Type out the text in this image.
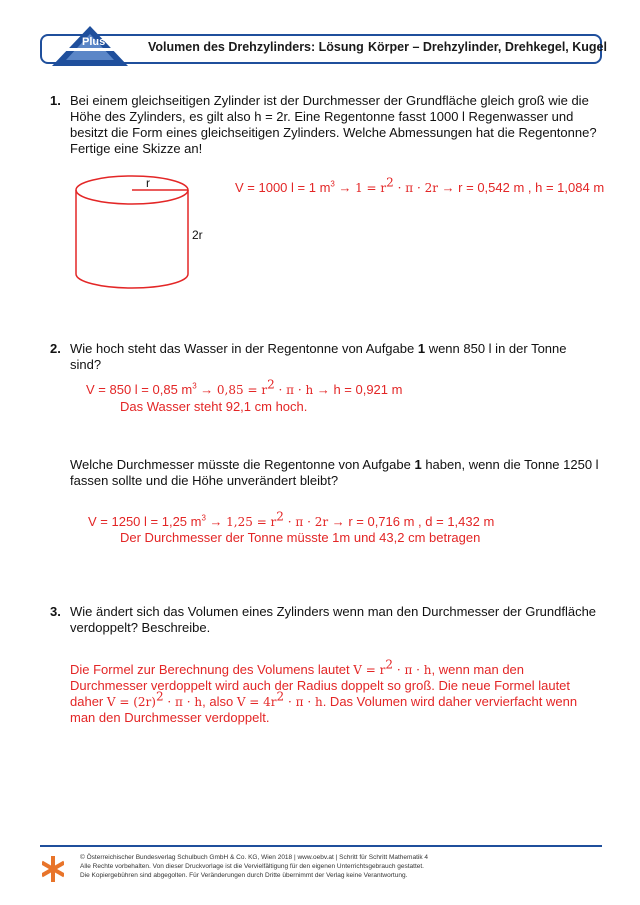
Plus	Volumen des Drehzylinders: Lösung Körper – Drehzylinder, Drehkegel, Kugel
1. Bei einem gleichseitigen Zylinder ist der Durchmesser der Grundfläche gleich groß wie die
Höhe des Zylinders, es gilt also h = 2r. Eine Regentonne fasst 1000 l Regenwasser und
besitzt die Form eines gleichseitigen Zylinders. Welche Abmessungen hat die Regentonne?
Fertige eine Skizze an!
r
2r
V = 1000 l = 1 $m^3 \to 1 = r^2 \cdot \pi \cdot 2r \to r = 0,542$ m , h = 1,084 m
2. Wie hoch steht das Wasser in der Regentonne von Aufgabe 1 wenn 850 l in der Tonne sind?
V = 850 l = 0,85 $m^3 \to 0,85 = r^2 \cdot \pi \cdot h \to h = 0,921$ m
Das Wasser steht 92,1 cm hoch.
Welche Durchmesser müsste die Regentonne von Aufgabe 1 haben, wenn die Tonne 1250 l
fassen sollte und die Höhe unverändert bleibt?
V = 1250 l = 1,25 $m^3 \to 1,25 = r^2 \cdot \pi \cdot 2r \to r = 0,716$ m , d = 1,432 m
Der Durchmesser der Tonne müsste 1m und 43,2 cm betragen
3. Wie ändert sich das Volumen eines Zylinders wenn man den Durchmesser der Grundfläche
verdoppelt? Beschreibe.
Die Formel zur Berechnung des Volumens lautet $V = r^2 \cdot \pi \cdot h$, wenn man den Durchmesser verdoppelt wird auch der Radius doppelt so groß. Die neue Formel lautet daher $V = (2r)^2 \cdot \pi \cdot h$, also $V = 4r^2 \cdot \pi \cdot h$. Das Volumen wird daher vervierfacht wenn man den Durchmesser verdoppelt.
© Österreichischer Bundesverlag Schulbuch GmbH & Co. KG, Wien 2018 | www.oebv.at | Schritt für Schritt Mathematik 4
Alle Rechte vorbehalten. Von dieser Druckvorlage ist die Vervielfältigung für den eigenen Unterrichtsgebrauch gestattet.
Die Kopiergebühren sind abgegolten. Für Veränderungen durch Dritte übernimmt der Verlag keine Verantwortung.
